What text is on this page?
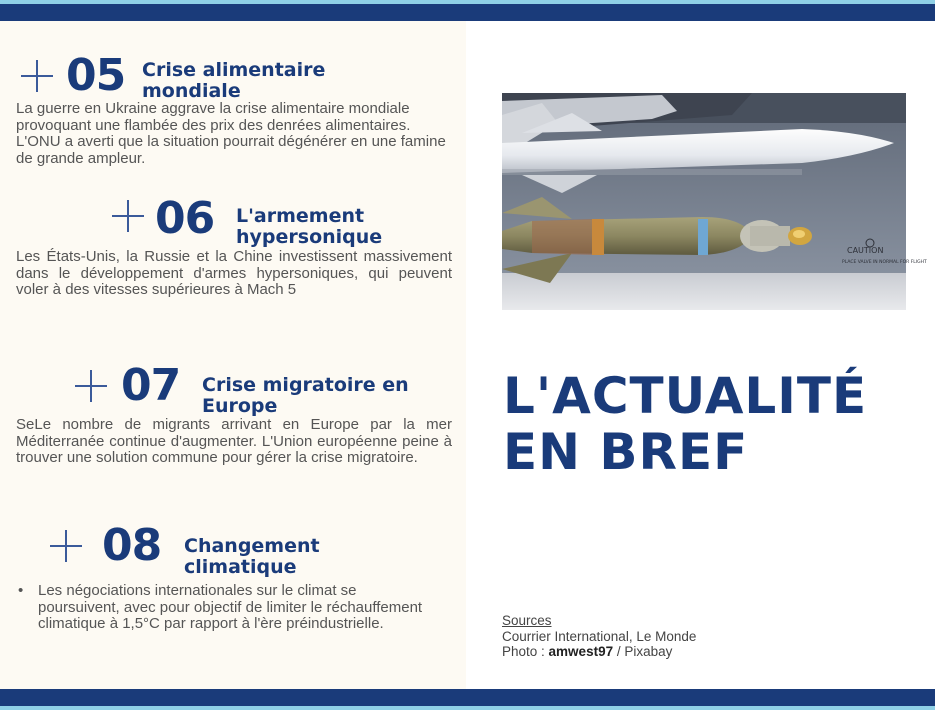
05 Crise alimentaire mondiale
La guerre en Ukraine aggrave la crise alimentaire mondiale provoquant une flambée des prix des denrées alimentaires. L'ONU a averti que la situation pourrait dégénérer en une famine de grande ampleur.
06 L'armement hypersonique
Les États-Unis, la Russie et la Chine investissent massivement dans le développement d'armes hypersoniques, qui peuvent voler à des vitesses supérieures à Mach 5
07 Crise migratoire en Europe
SeLe nombre de migrants arrivant en Europe par la mer Méditerranée continue d'augmenter. L'Union européenne peine à trouver une solution commune pour gérer la crise migratoire.
08 Changement climatique
• Les négociations internationales sur le climat se poursuivent, avec pour objectif de limiter le réchauffement climatique à 1,5°C par rapport à l'ère préindustrielle.
CAUTION
PLACE VALVE IN NORMAL FOR FLIGHT
L'ACTUALITÉ
EN BREF
Sources
Courrier International, Le Monde
Photo : amwest97 / Pixabay
